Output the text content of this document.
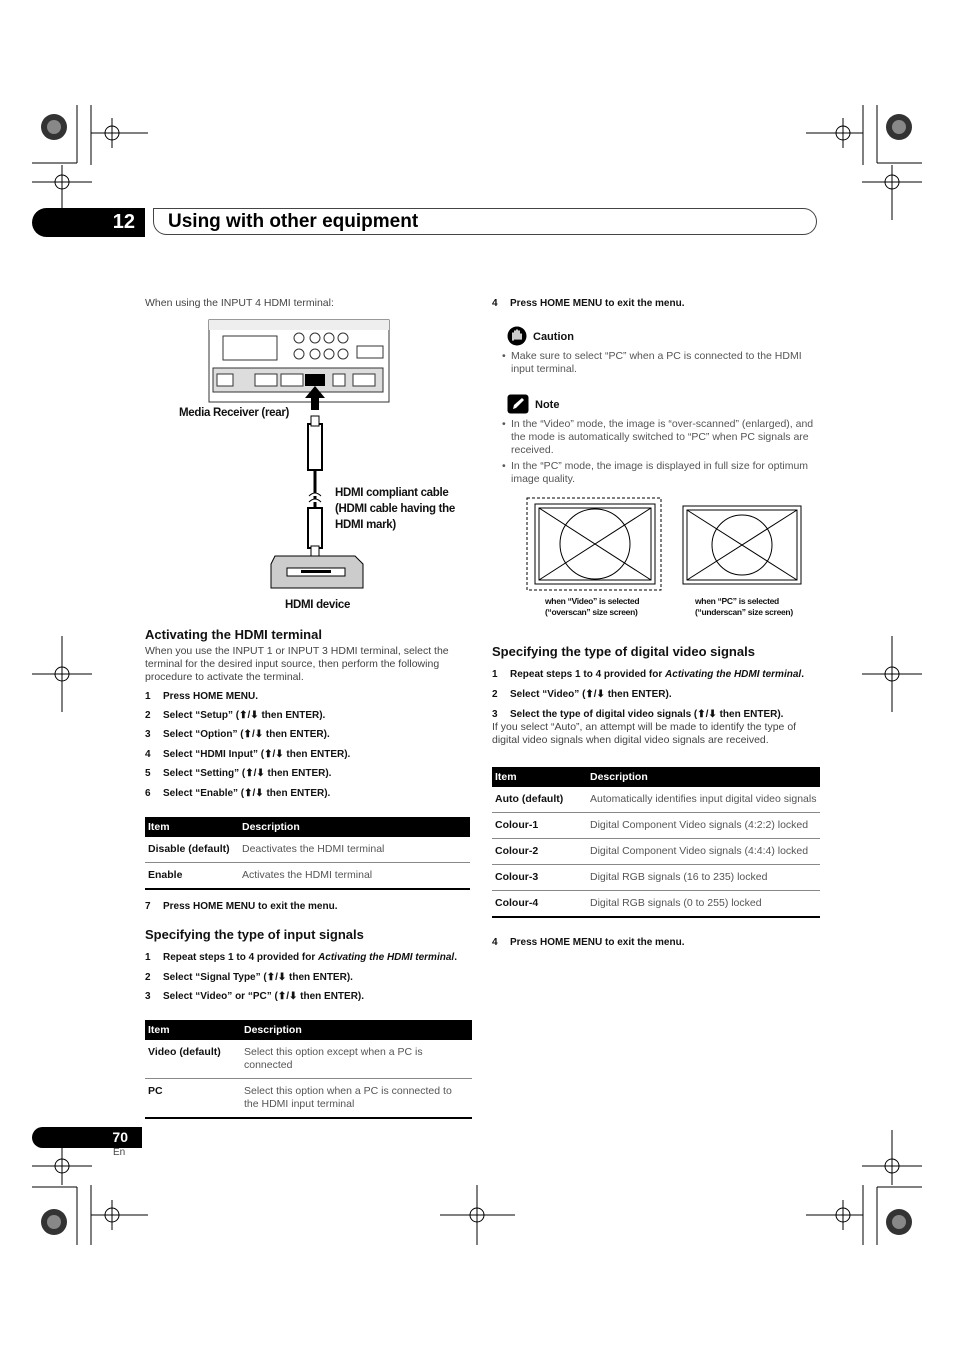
12	Using with other equipment
When using the INPUT 4 HDMI terminal:
Media Receiver (rear)
HDMI compliant cable (HDMI cable having the HDMI mark)
HDMI device
Activating the HDMI terminal
When you use the INPUT 1 or INPUT 3 HDMI terminal, select the terminal for the desired input source, then perform the following procedure to activate the terminal.
1 Press HOME MENU.
2 Select “Setup” (⬆/⬇ then ENTER).
3 Select “Option” (⬆/⬇ then ENTER).
4 Select “HDMI Input” (⬆/⬇ then ENTER).
5 Select “Setting” (⬆/⬇ then ENTER).
6 Select “Enable” (⬆/⬇ then ENTER).
Item	Description
Disable (default)	Deactivates the HDMI terminal
Enable	Activates the HDMI terminal
7 Press HOME MENU to exit the menu.
Specifying the type of input signals
1 Repeat steps 1 to 4 provided for Activating the HDMI terminal.
2 Select “Signal Type” (⬆/⬇ then ENTER).
3 Select “Video” or “PC” (⬆/⬇ then ENTER).
Item	Description
Video (default)	Select this option except when a PC is connected
PC	Select this option when a PC is connected to the HDMI input terminal
4 Press HOME MENU to exit the menu.
Caution
• Make sure to select “PC” when a PC is connected to the HDMI input terminal.
Note
• In the “Video” mode, the image is “over-scanned” (enlarged), and the mode is automatically switched to “PC” when PC signals are received.
• In the “PC” mode, the image is displayed in full size for optimum image quality.
when “Video” is selected
(“overscan” size screen)
when “PC” is selected
(“underscan” size screen)
Specifying the type of digital video signals
1 Repeat steps 1 to 4 provided for Activating the HDMI terminal.
2 Select “Video” (⬆/⬇ then ENTER).
3 Select the type of digital video signals (⬆/⬇ then ENTER).
If you select “Auto”, an attempt will be made to identify the type of digital video signals when digital video signals are received.
Item	Description
Auto (default)	Automatically identifies input digital video signals
Colour-1	Digital Component Video signals (4:2:2) locked
Colour-2	Digital Component Video signals (4:4:4) locked
Colour-3	Digital RGB signals (16 to 235) locked
Colour-4	Digital RGB signals (0 to 255) locked
4 Press HOME MENU to exit the menu.
70
En
